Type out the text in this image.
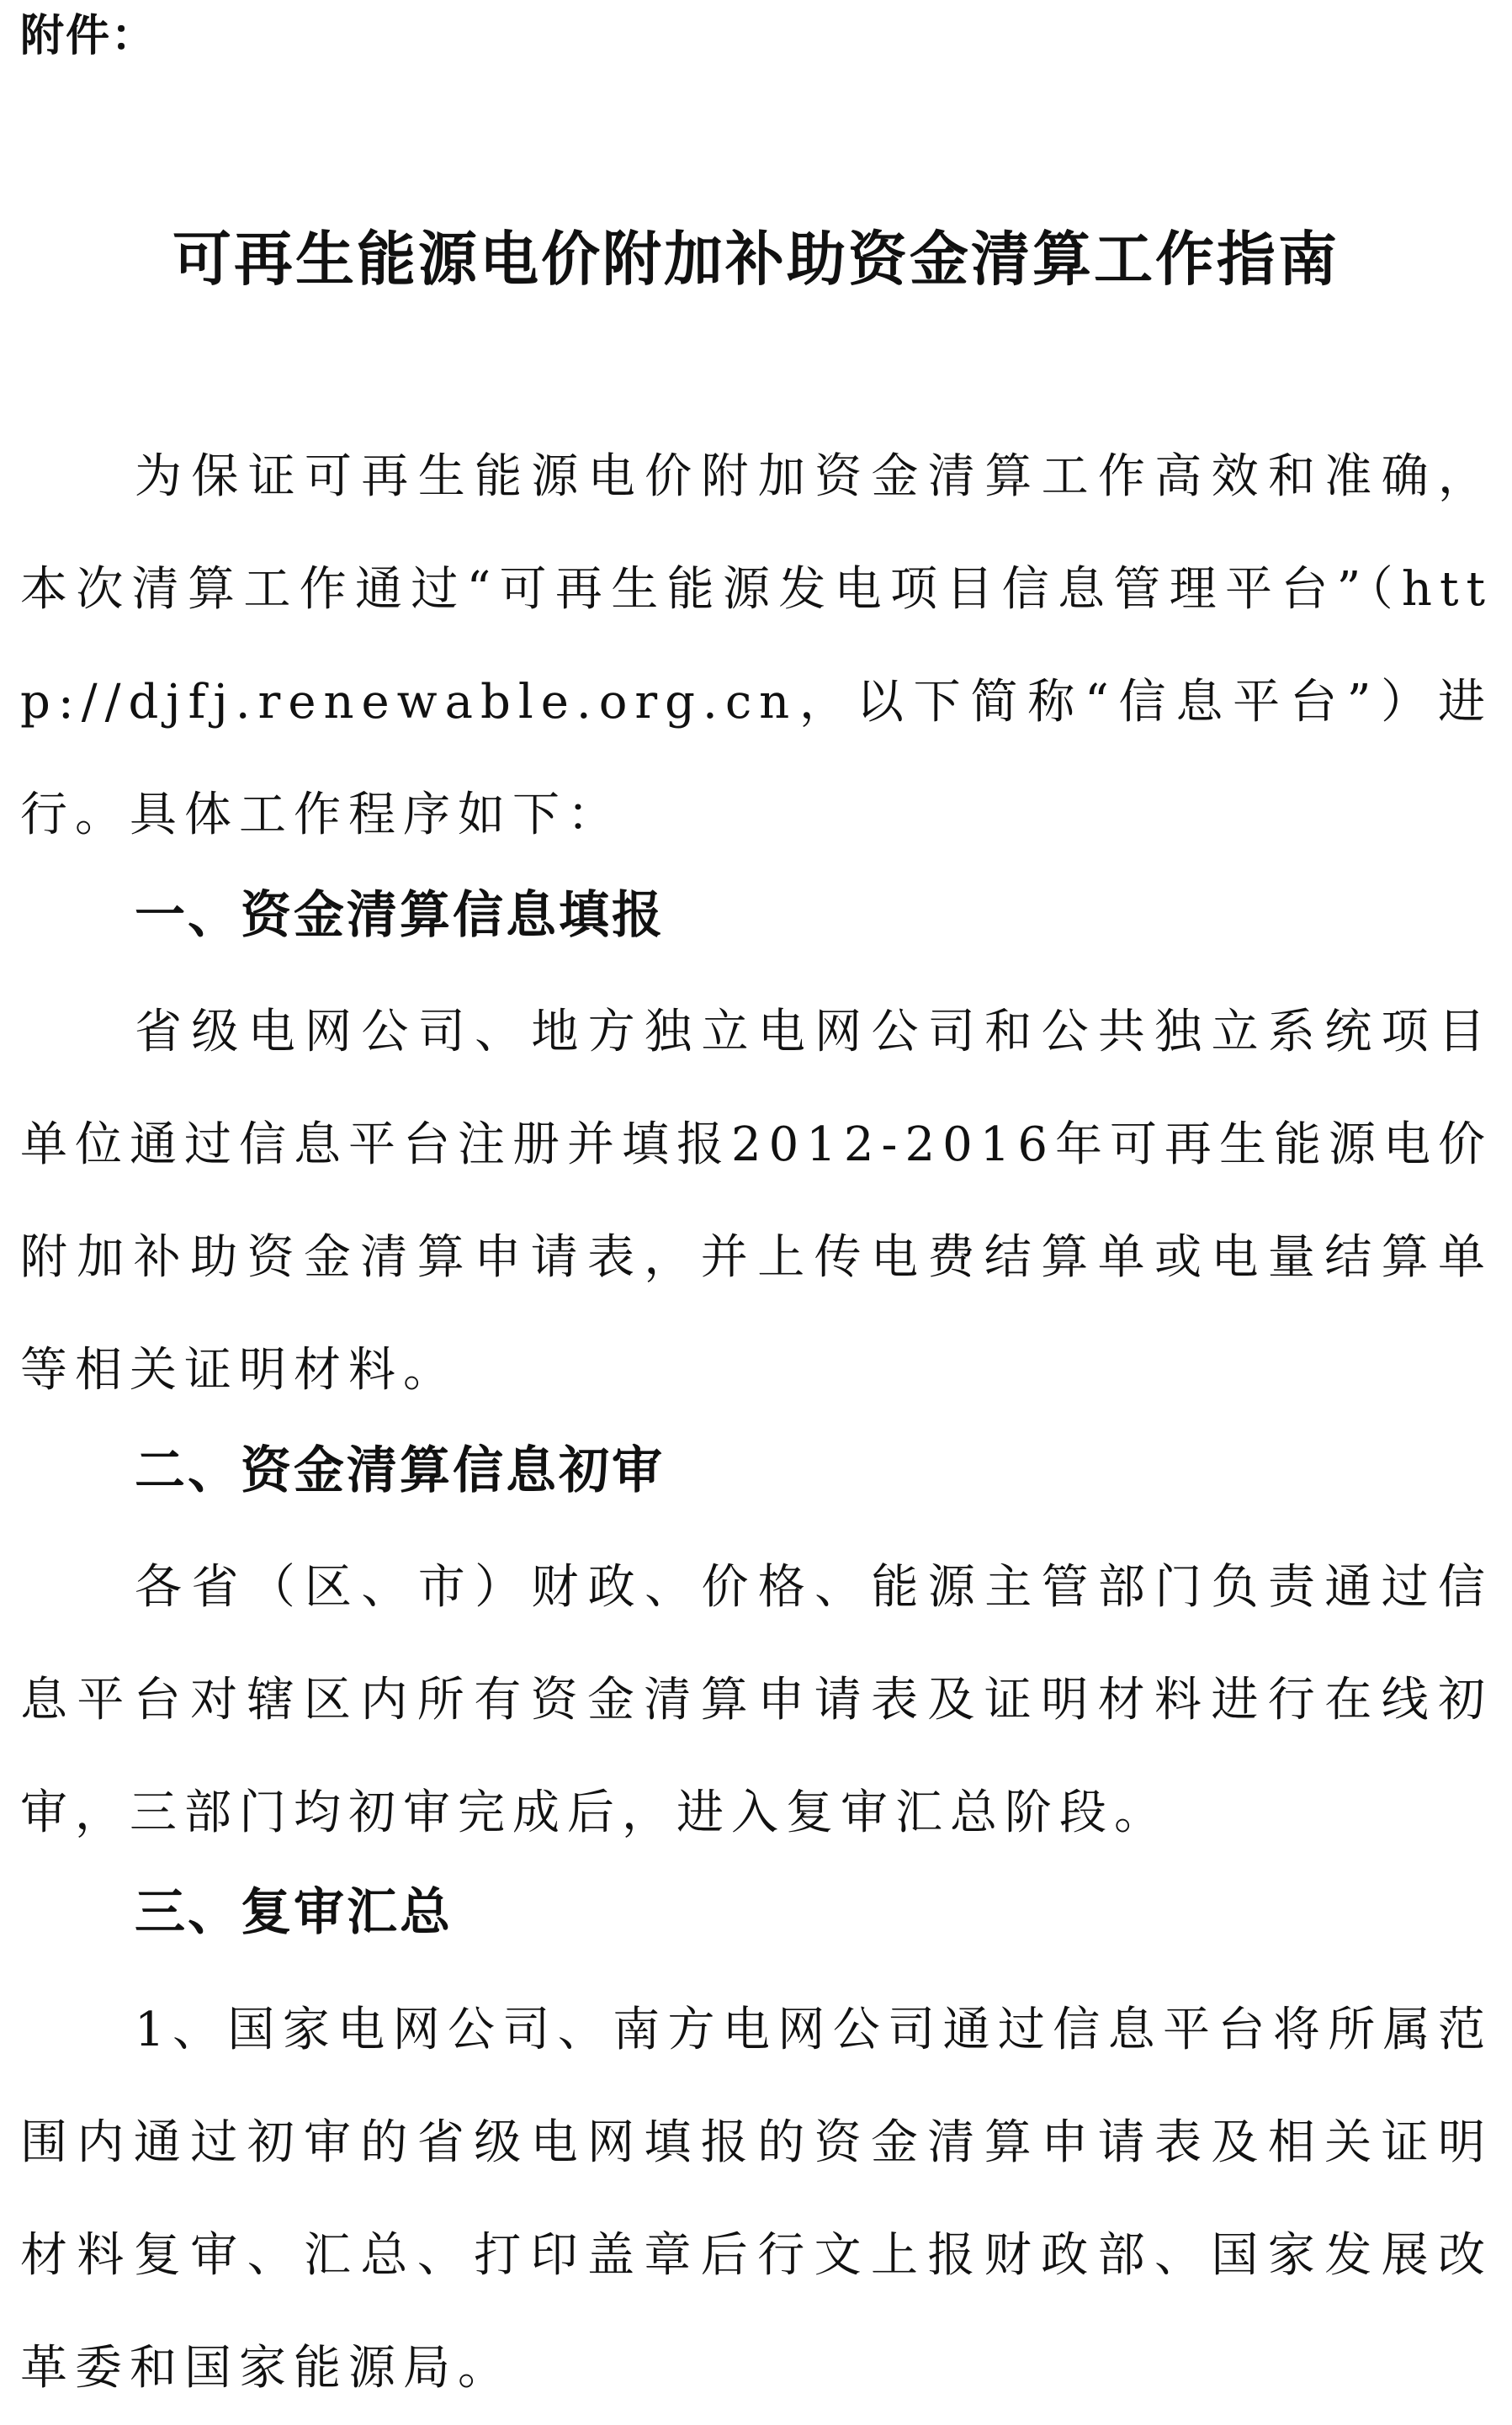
附件：
可再生能源电价附加补助资金清算工作指南
为保证可再生能源电价附加资金清算工作高效和准确，本次清算工作通过“可再生能源发电项目信息管理平台”（http://djfj.renewable.org.cn，以下简称“信息平台”）进行。具体工作程序如下：
一、资金清算信息填报
省级电网公司、地方独立电网公司和公共独立系统项目单位通过信息平台注册并填报2012-2016年可再生能源电价附加补助资金清算申请表，并上传电费结算单或电量结算单等相关证明材料。
二、资金清算信息初审
各省（区、市）财政、价格、能源主管部门负责通过信息平台对辖区内所有资金清算申请表及证明材料进行在线初审，三部门均初审完成后，进入复审汇总阶段。
三、复审汇总
1、国家电网公司、南方电网公司通过信息平台将所属范围内通过初审的省级电网填报的资金清算申请表及相关证明材料复审、汇总、打印盖章后行文上报财政部、国家发展改革委和国家能源局。
